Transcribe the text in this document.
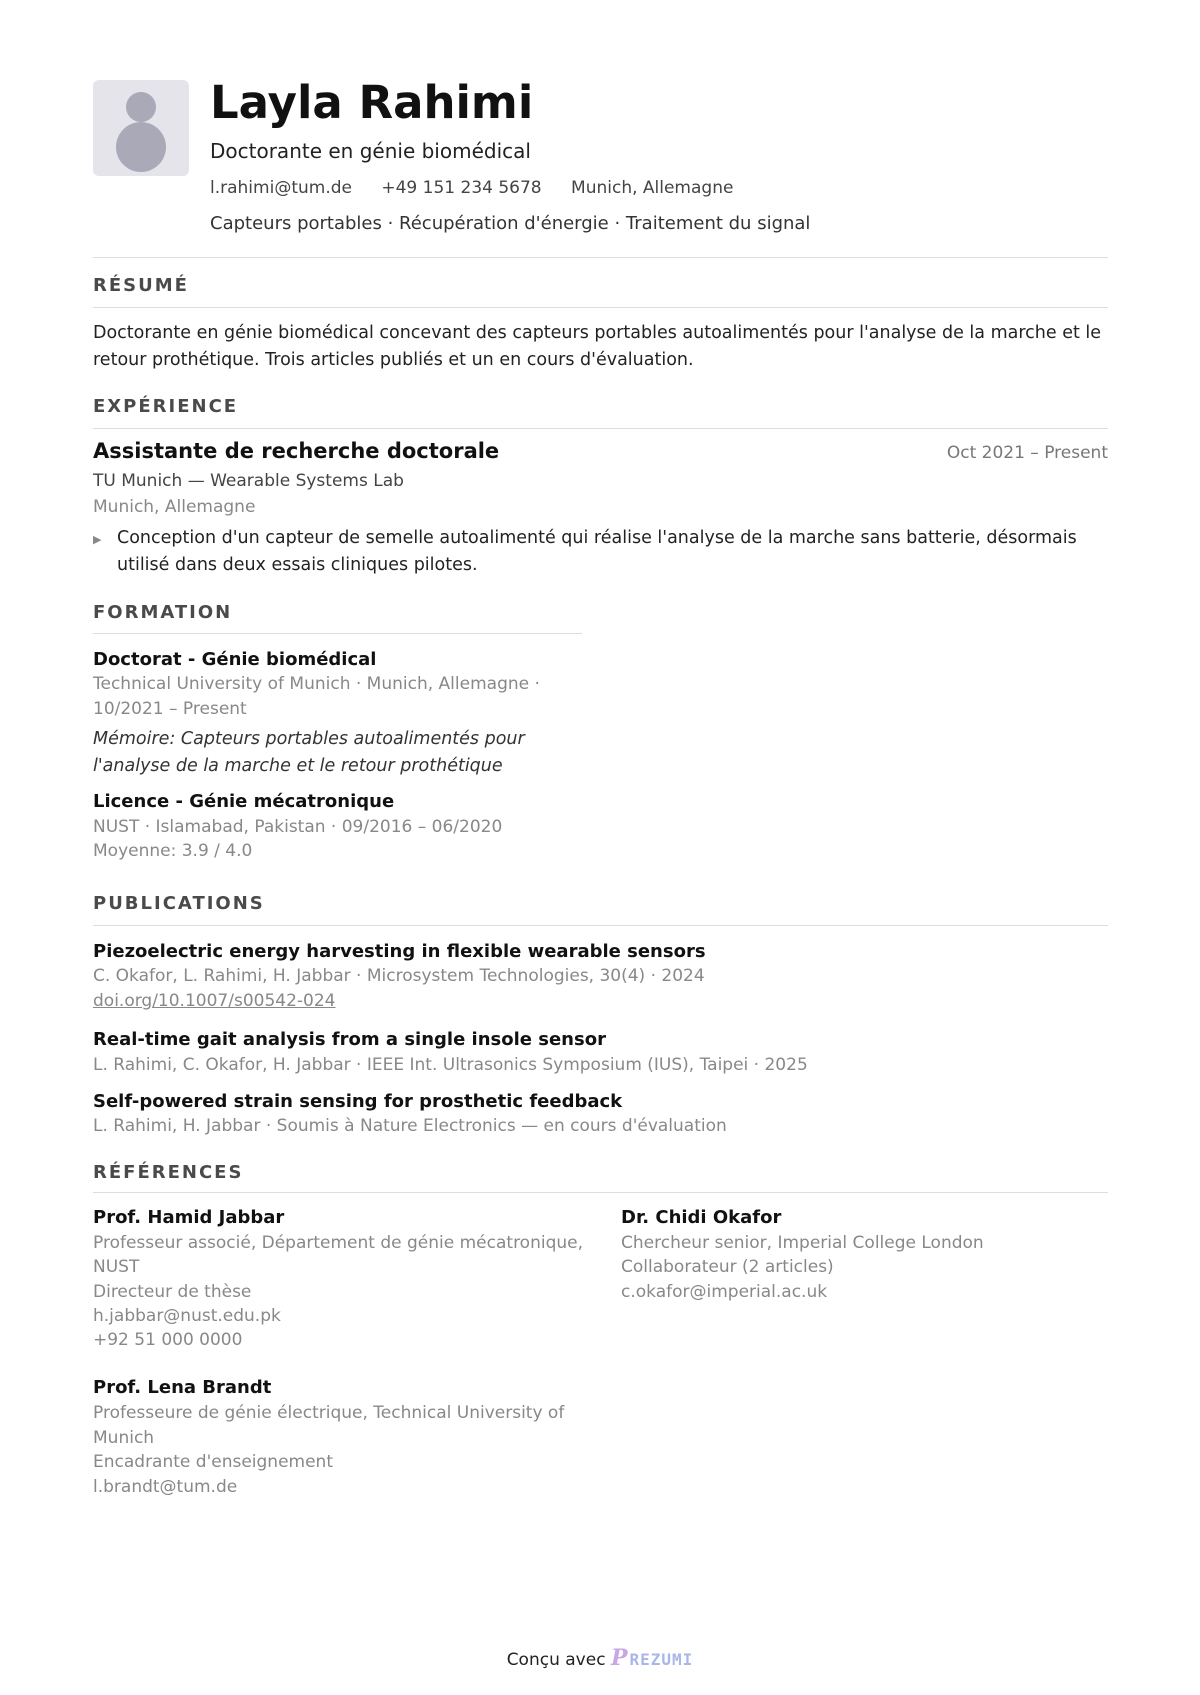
Layla Rahimi
Doctorante en génie biomédical
l.rahimi@tum.de +49 151 234 5678 Munich, Allemagne
Capteurs portables · Récupération d'énergie · Traitement du signal
RÉSUMÉ
Doctorante en génie biomédical concevant des capteurs portables autoalimentés pour l'analyse de la marche et le retour prothétique. Trois articles publiés et un en cours d'évaluation.
EXPÉRIENCE
Assistante de recherche doctorale	Oct 2021 – Present
TU Munich — Wearable Systems Lab
Munich, Allemagne
▶ Conception d'un capteur de semelle autoalimenté qui réalise l'analyse de la marche sans batterie, désormais utilisé dans deux essais cliniques pilotes.
FORMATION
Doctorat - Génie biomédical
Technical University of Munich · Munich, Allemagne ·
10/2021 – Present
Mémoire: Capteurs portables autoalimentés pour
l'analyse de la marche et le retour prothétique
Licence - Génie mécatronique
NUST · Islamabad, Pakistan · 09/2016 – 06/2020
Moyenne: 3.9 / 4.0
PUBLICATIONS
Piezoelectric energy harvesting in flexible wearable sensors
C. Okafor, L. Rahimi, H. Jabbar · Microsystem Technologies, 30(4) · 2024
doi.org/10.1007/s00542-024
Real-time gait analysis from a single insole sensor
L. Rahimi, C. Okafor, H. Jabbar · IEEE Int. Ultrasonics Symposium (IUS), Taipei · 2025
Self-powered strain sensing for prosthetic feedback
L. Rahimi, H. Jabbar · Soumis à Nature Electronics — en cours d'évaluation
RÉFÉRENCES
Prof. Hamid Jabbar
Professeur associé, Département de génie mécatronique,
NUST
Directeur de thèse
h.jabbar@nust.edu.pk
+92 51 000 0000
Dr. Chidi Okafor
Chercheur senior, Imperial College London
Collaborateur (2 articles)
c.okafor@imperial.ac.uk
Prof. Lena Brandt
Professeure de génie électrique, Technical University of
Munich
Encadrante d'enseignement
l.brandt@tum.de
Conçu avec PREZUMI
